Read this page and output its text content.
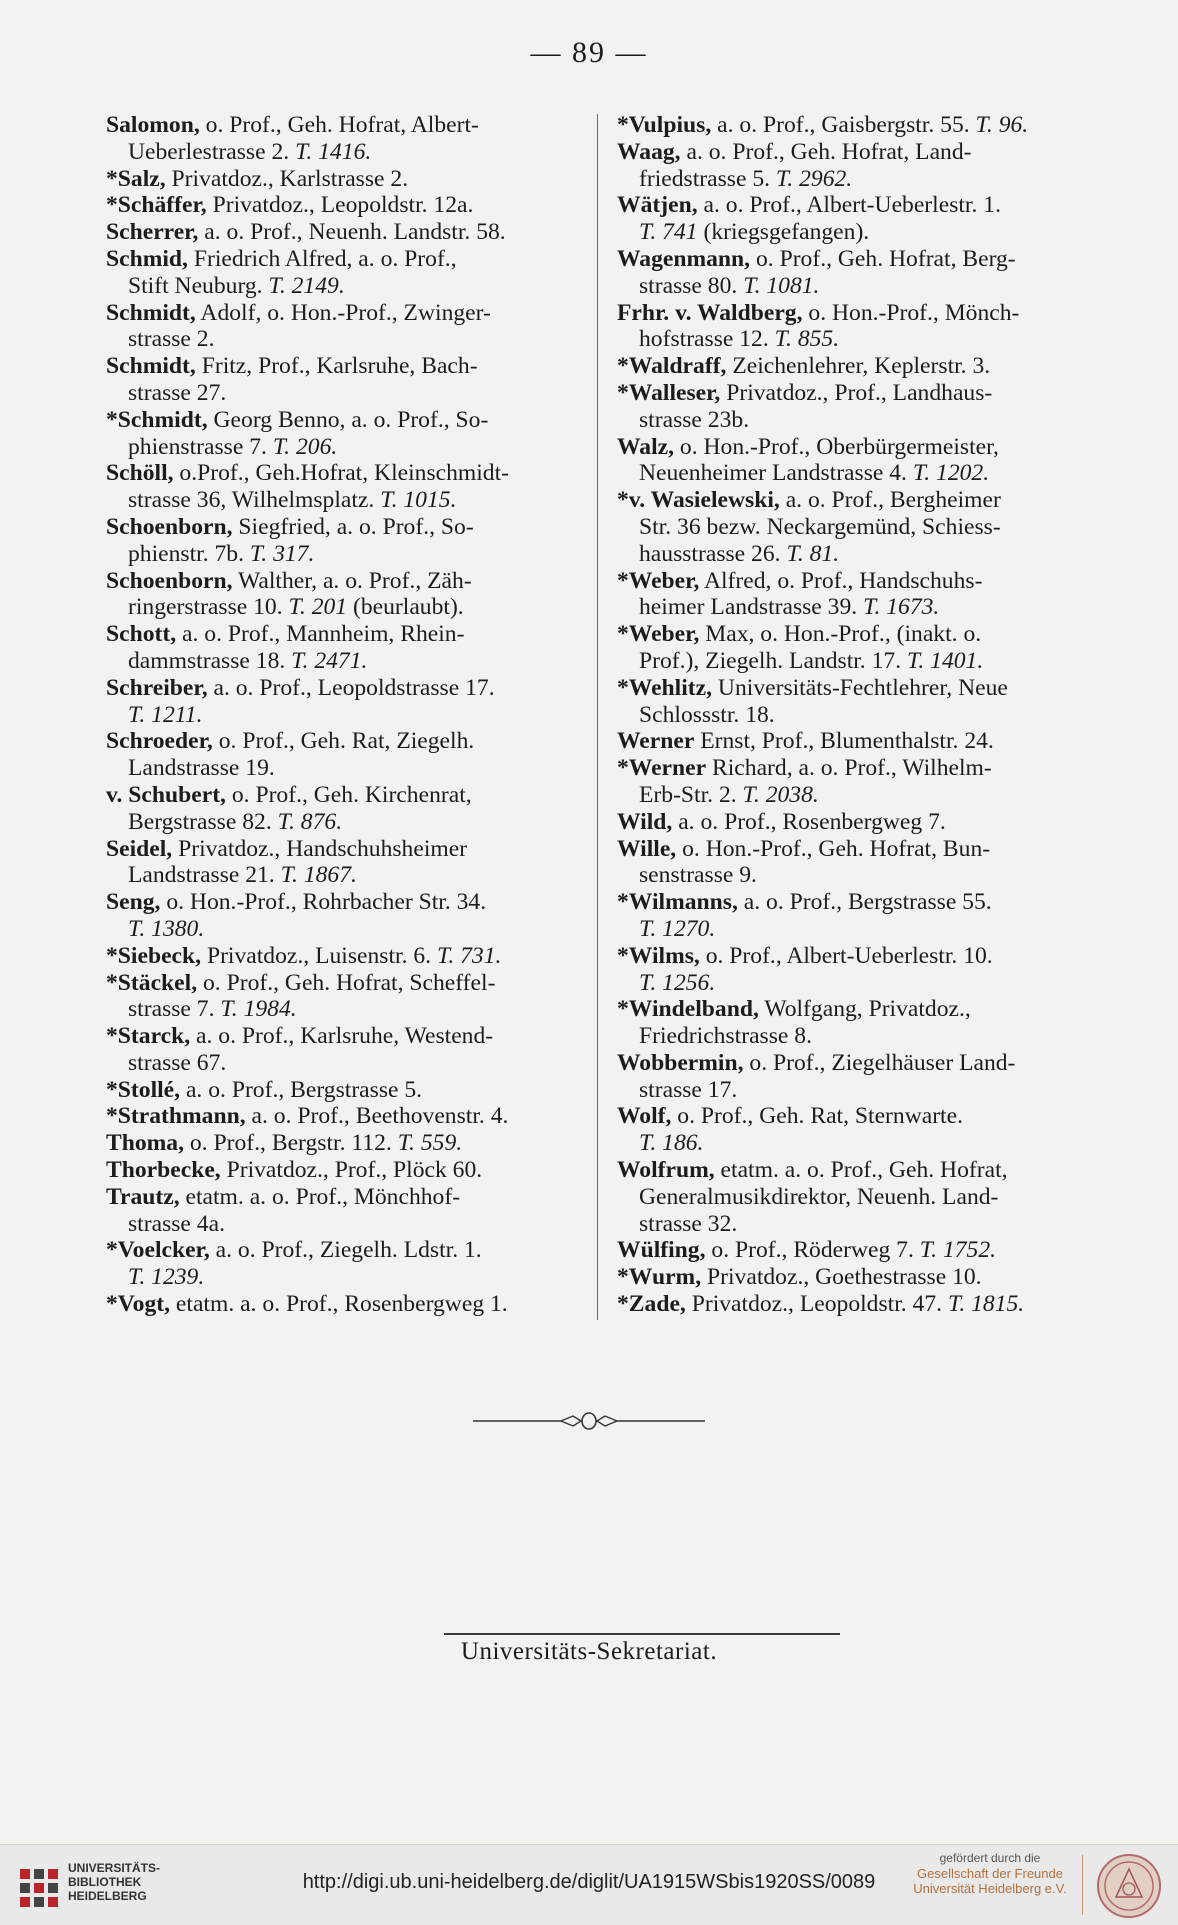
— 89 —
Salomon, o. Prof., Geh. Hofrat, Albert-
Ueberlestrasse 2. T. 1416.
*Salz, Privatdoz., Karlstrasse 2.
*Schäffer, Privatdoz., Leopoldstr. 12a.
Scherrer, a. o. Prof., Neuenh. Landstr. 58.
Schmid, Friedrich Alfred, a. o. Prof.,
Stift Neuburg. T. 2149.
Schmidt, Adolf, o. Hon.-Prof., Zwinger-
strasse 2.
Schmidt, Fritz, Prof., Karlsruhe, Bach-
strasse 27.
*Schmidt, Georg Benno, a. o. Prof., So-
phienstrasse 7. T. 206.
Schöll, o.Prof., Geh.Hofrat, Kleinschmidt-
strasse 36, Wilhelmsplatz. T. 1015.
Schoenborn, Siegfried, a. o. Prof., So-
phienstr. 7b. T. 317.
Schoenborn, Walther, a. o. Prof., Zäh-
ringerstrasse 10. T. 201 (beurlaubt).
Schott, a. o. Prof., Mannheim, Rhein-
dammstrasse 18. T. 2471.
Schreiber, a. o. Prof., Leopoldstrasse 17.
T. 1211.
Schroeder, o. Prof., Geh. Rat, Ziegelh.
Landstrasse 19.
v. Schubert, o. Prof., Geh. Kirchenrat,
Bergstrasse 82. T. 876.
Seidel, Privatdoz., Handschuhsheimer
Landstrasse 21. T. 1867.
Seng, o. Hon.-Prof., Rohrbacher Str. 34.
T. 1380.
*Siebeck, Privatdoz., Luisenstr. 6. T. 731.
*Stäckel, o. Prof., Geh. Hofrat, Scheffel-
strasse 7. T. 1984.
*Starck, a. o. Prof., Karlsruhe, Westend-
strasse 67.
*Stollé, a. o. Prof., Bergstrasse 5.
*Strathmann, a. o. Prof., Beethovenstr. 4.
Thoma, o. Prof., Bergstr. 112. T. 559.
Thorbecke, Privatdoz., Prof., Plöck 60.
Trautz, etatm. a. o. Prof., Mönchhof-
strasse 4a.
*Voelcker, a. o. Prof., Ziegelh. Ldstr. 1.
T. 1239.
*Vogt, etatm. a. o. Prof., Rosenbergweg 1.
*Vulpius, a. o. Prof., Gaisbergstr. 55. T. 96.
Waag, a. o. Prof., Geh. Hofrat, Land-
friedstrasse 5. T. 2962.
Wätjen, a. o. Prof., Albert-Ueberlestr. 1.
T. 741 (kriegsgefangen).
Wagenmann, o. Prof., Geh. Hofrat, Berg-
strasse 80. T. 1081.
Frhr. v. Waldberg, o. Hon.-Prof., Mönch-
hofstrasse 12. T. 855.
*Waldraff, Zeichenlehrer, Keplerstr. 3.
*Walleser, Privatdoz., Prof., Landhaus-
strasse 23b.
Walz, o. Hon.-Prof., Oberbürgermeister,
Neuenheimer Landstrasse 4. T. 1202.
*v. Wasielewski, a. o. Prof., Bergheimer
Str. 36 bezw. Neckargemünd, Schiess-
hausstrasse 26. T. 81.
*Weber, Alfred, o. Prof., Handschuhs-
heimer Landstrasse 39. T. 1673.
*Weber, Max, o. Hon.-Prof., (inakt. o.
Prof.), Ziegelh. Landstr. 17. T. 1401.
*Wehlitz, Universitäts-Fechtlehrer, Neue
Schlossstr. 18.
Werner Ernst, Prof., Blumenthalstr. 24.
*Werner Richard, a. o. Prof., Wilhelm-
Erb-Str. 2. T. 2038.
Wild, a. o. Prof., Rosenbergweg 7.
Wille, o. Hon.-Prof., Geh. Hofrat, Bun-
senstrasse 9.
*Wilmanns, a. o. Prof., Bergstrasse 55.
T. 1270.
*Wilms, o. Prof., Albert-Ueberlestr. 10.
T. 1256.
*Windelband, Wolfgang, Privatdoz.,
Friedrichstrasse 8.
Wobbermin, o. Prof., Ziegelhäuser Land-
strasse 17.
Wolf, o. Prof., Geh. Rat, Sternwarte.
T. 186.
Wolfrum, etatm. a. o. Prof., Geh. Hofrat,
Generalmusikdirektor, Neuenh. Land-
strasse 32.
Wülfing, o. Prof., Röderweg 7. T. 1752.
*Wurm, Privatdoz., Goethestrasse 10.
*Zade, Privatdoz., Leopoldstr. 47. T. 1815.
Universitäts-Sekretariat.
UNIVERSITÄTS-
BIBLIOTHEK
HEIDELBERG
http://digi.ub.uni-heidelberg.de/diglit/UA1915WSbis1920SS/0089
gefördert durch die
Gesellschaft der Freunde
Universität Heidelberg e.V.
